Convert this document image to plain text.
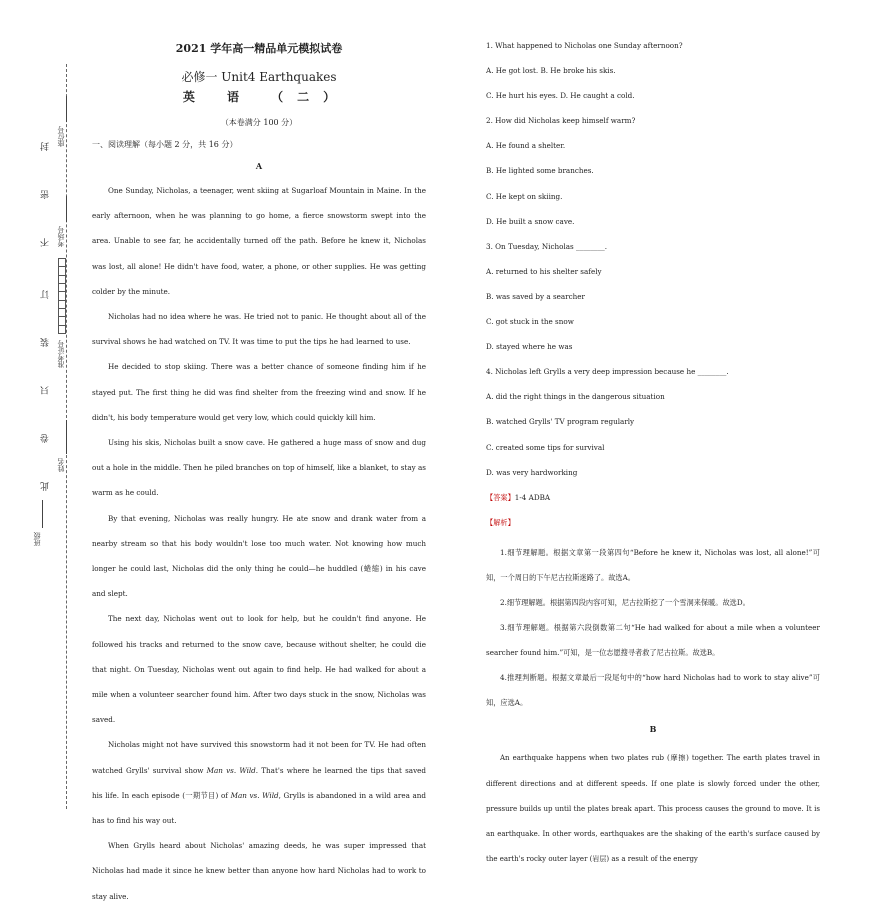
封
密
不
订
装
只
卷
此
座位号
考场号
准考证号
姓名
班级
2021 学年高一精品单元模拟试卷
必修一 Unit4 Earthquakes
英 语 （二）
（本卷满分 100 分）
一、阅读理解（每小题 2 分，共 16 分）
A

One Sunday, Nicholas, a teenager, went skiing at Sugarloaf Mountain in Maine. In the early afternoon, when he was planning to go home, a fierce snowstorm swept into the area. Unable to see far, he accidentally turned off the path. Before he knew it, Nicholas was lost, all alone! He didn't have food, water, a phone, or other supplies. He was getting colder by the minute.

Nicholas had no idea where he was. He tried not to panic. He thought about all of the survival shows he had watched on TV. It was time to put the tips he had learned to use.

He decided to stop skiing. There was a better chance of someone finding him if he stayed put. The first thing he did was find shelter from the freezing wind and snow. If he didn't, his body temperature would get very low, which could quickly kill him.

Using his skis, Nicholas built a snow cave. He gathered a huge mass of snow and dug out a hole in the middle. Then he piled branches on top of himself, like a blanket, to stay as warm as he could.

By that evening, Nicholas was really hungry. He ate snow and drank water from a nearby stream so that his body wouldn't lose too much water. Not knowing how much longer he could last, Nicholas did the only thing he could—he huddled (蜷缩) in his cave and slept.

The next day, Nicholas went out to look for help, but he couldn't find anyone. He followed his tracks and returned to the snow cave, because without shelter, he could die that night. On Tuesday, Nicholas went out again to find help. He had walked for about a mile when a volunteer searcher found him. After two days stuck in the snow, Nicholas was saved.

Nicholas might not have survived this snowstorm had it not been for TV. He had often watched Grylls' survival show Man vs. Wild. That's where he learned the tips that saved his life. In each episode (一期节目) of Man vs. Wild, Grylls is abandoned in a wild area and has to find his way out.

When Grylls heard about Nicholas' amazing deeds, he was super impressed that Nicholas had made it since he knew better than anyone how hard Nicholas had to work to stay alive.

1. What happened to Nicholas one Sunday afternoon?
A. He got lost. B. He broke his skis.
C. He hurt his eyes. D. He caught a cold.
2. How did Nicholas keep himself warm?
A. He found a shelter.
B. He lighted some branches.
C. He kept on skiing.
D. He built a snow cave.
3. On Tuesday, Nicholas ________.
A. returned to his shelter safely
B. was saved by a searcher
C. got stuck in the snow
D. stayed where he was
4. Nicholas left Grylls a very deep impression because he ________.
A. did the right things in the dangerous situation
B. watched Grylls' TV program regularly
C. created some tips for survival
D. was very hardworking
【答案】1-4 ADBA
【解析】

1.细节理解题。根据文章第一段第四句“Before he knew it, Nicholas was lost, all alone!”可知，一个周日的下午尼古拉斯迷路了。故选A。

2.细节理解题。根据第四段内容可知，尼古拉斯挖了一个雪洞来保暖。故选D。

3.细节理解题。根据第六段倒数第二句“He had walked for about a mile when a volunteer searcher found him.”可知，是一位志愿搜寻者救了尼古拉斯。故选B。

4.推理判断题。根据文章最后一段尾句中的“how hard Nicholas had to work to stay alive”可知，应选A。

B

An earthquake happens when two plates rub (摩擦) together. The earth plates travel in different directions and at different speeds. If one plate is slowly forced under the other, pressure builds up until the plates break apart. This process causes the ground to move. It is an earthquake. In other words, earthquakes are the shaking of the earth's surface caused by the earth's rocky outer layer (岩层) as a result of the energy
